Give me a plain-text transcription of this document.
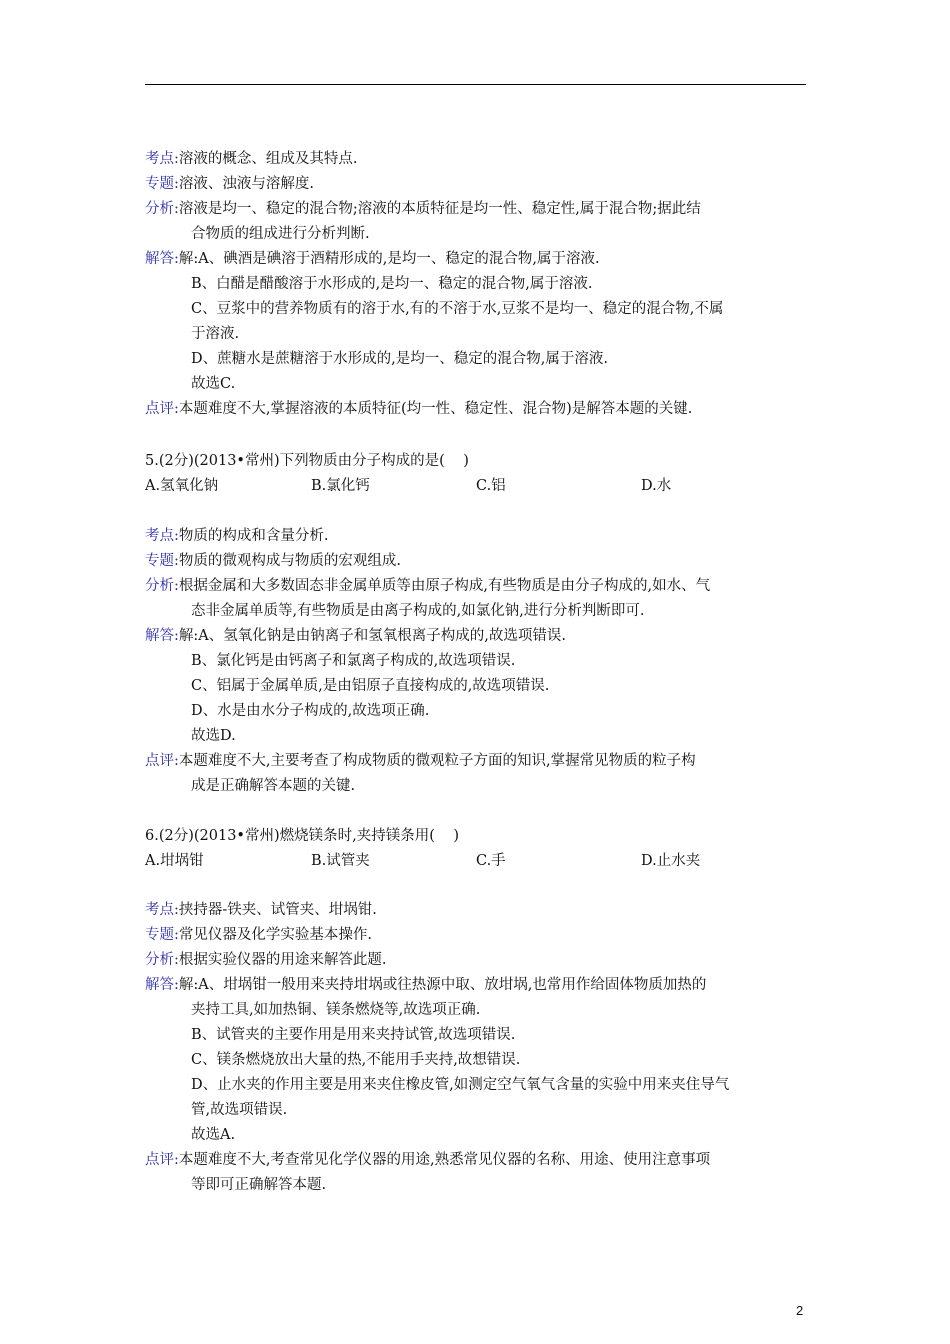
考点: 溶液的概念、组成及其特点.
专题: 溶液、浊液与溶解度.
分析: 溶液是均一、稳定的混合物;溶液的本质特征是均一性、稳定性,属于混合物;据此结
合物质的组成进行分析判断.
解答: 解:A、碘酒是碘溶于酒精形成的,是均一、稳定的混合物,属于溶液.
B、白醋是醋酸溶于水形成的,是均一、稳定的混合物,属于溶液.
C、豆浆中的营养物质有的溶于水,有的不溶于水,豆浆不是均一、稳定的混合物,不属
于溶液.
D、蔗糖水是蔗糖溶于水形成的,是均一、稳定的混合物,属于溶液.
故选C.
点评: 本题难度不大,掌握溶液的本质特征(均一性、稳定性、混合物)是解答本题的关键.
5.(2分)(2013•常州)下列物质由分子构成的是(    )
A.氢氧化钠	B.氯化钙	C.铝	D.水
考点: 物质的构成和含量分析.
专题: 物质的微观构成与物质的宏观组成.
分析: 根据金属和大多数固态非金属单质等由原子构成,有些物质是由分子构成的,如水、气
态非金属单质等,有些物质是由离子构成的,如氯化钠,进行分析判断即可.
解答: 解:A、氢氧化钠是由钠离子和氢氧根离子构成的,故选项错误.
B、氯化钙是由钙离子和氯离子构成的,故选项错误.
C、铝属于金属单质,是由铝原子直接构成的,故选项错误.
D、水是由水分子构成的,故选项正确.
故选D.
点评: 本题难度不大,主要考查了构成物质的微观粒子方面的知识,掌握常见物质的粒子构
成是正确解答本题的关键.
6.(2分)(2013•常州)燃烧镁条时,夹持镁条用(    )
A.坩埚钳	B.试管夹	C.手	D.止水夹
考点: 挟持器-铁夹、试管夹、坩埚钳.
专题: 常见仪器及化学实验基本操作.
分析: 根据实验仪器的用途来解答此题.
解答: 解:A、坩埚钳一般用来夹持坩埚或往热源中取、放坩埚,也常用作给固体物质加热的
夹持工具,如加热铜、镁条燃烧等,故选项正确.
B、试管夹的主要作用是用来夹持试管,故选项错误.
C、镁条燃烧放出大量的热,不能用手夹持,故想错误.
D、止水夹的作用主要是用来夹住橡皮管,如测定空气氧气含量的实验中用来夹住导气
管,故选项错误.
故选A.
点评: 本题难度不大,考查常见化学仪器的用途,熟悉常见仪器的名称、用途、使用注意事项
等即可正确解答本题.
2
